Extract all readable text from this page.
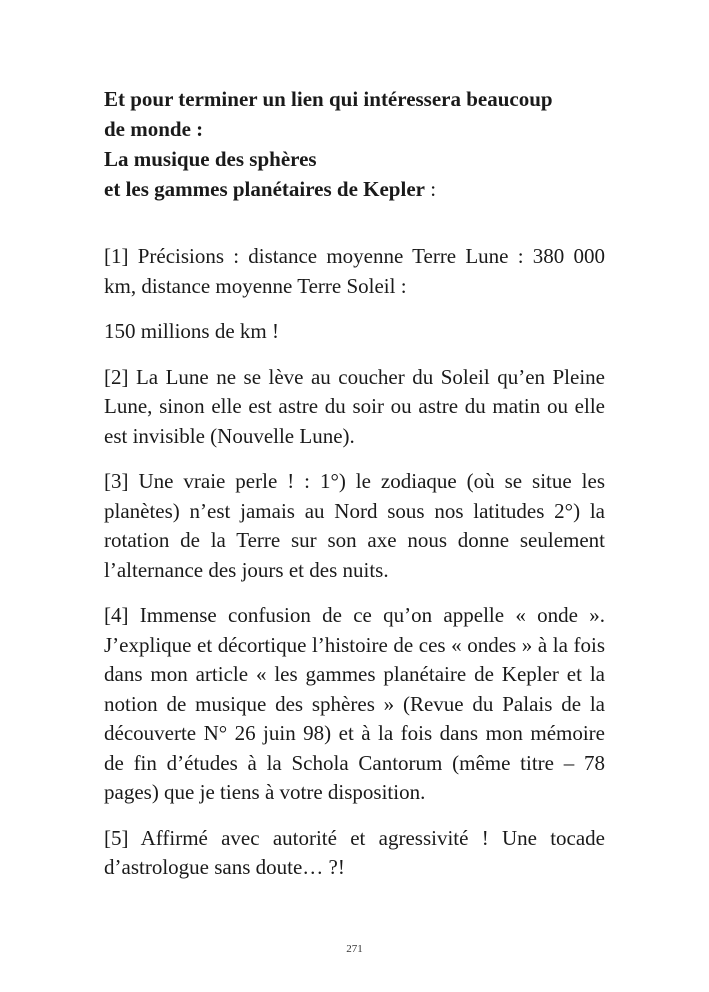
Et pour terminer un lien qui intéressera beaucoup
de monde :
La musique des sphères
et les gammes planétaires de Kepler :

[1] Précisions : distance moyenne Terre Lune : 380 000 km, distance moyenne Terre Soleil :

150 millions de km !

[2] La Lune ne se lève au coucher du Soleil qu’en Pleine Lune, sinon elle est astre du soir ou astre du matin ou elle est invisible (Nouvelle Lune).

[3] Une vraie perle ! : 1°) le zodiaque (où se situe les planètes) n’est jamais au Nord sous nos latitudes 2°) la rotation de la Terre sur son axe nous donne seulement l’alternance des jours et des nuits.

[4] Immense confusion de ce qu’on appelle « onde ». J’explique et décortique l’histoire de ces « ondes » à la fois dans mon article « les gammes planétaire de Kepler et la notion de musique des sphères » (Revue du Palais de la découverte N° 26 juin 98) et à la fois dans mon mémoire de fin d’études à la Schola Cantorum (même titre – 78 pages) que je tiens à votre disposition.

[5] Affirmé avec autorité et agressivité ! Une tocade d’astrologue sans doute… ?!

271
